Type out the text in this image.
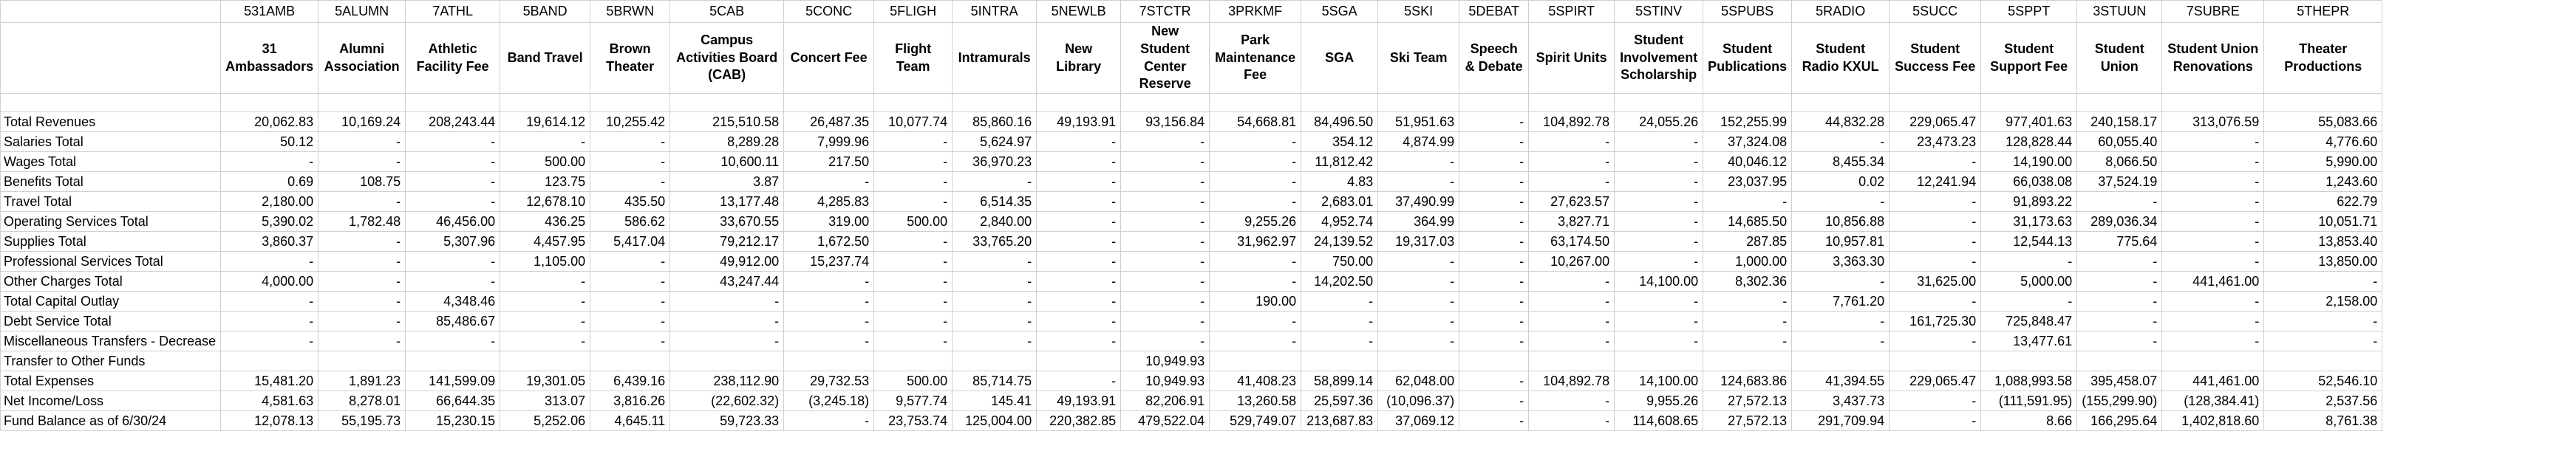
	531AMB	5ALUMN	7ATHL	5BAND	5BRWN	5CAB	5CONC	5FLIGH	5INTRA	5NEWLB	7STCTR	3PRKMF	5SGA	5SKI	5DEBAT	5SPIRT	5STINV	5SPUBS	5RADIO	5SUCC	5SPPT	3STUUN	7SUBRE	5THEPR
	31 Ambassadors	Alumni Association	Athletic Facility Fee	Band Travel	Brown Theater	Campus Activities Board (CAB)	Concert Fee	Flight Team	Intramurals	New Library	New Student Center Reserve	Park Maintenance Fee	SGA	Ski Team	Speech & Debate	Spirit Units	Student Involvement Scholarship	Student Publications	Student Radio KXUL	Student Success Fee	Student Support Fee	Student Union	Student Union Renovations	Theater Productions

Total Revenues	20,062.83	10,169.24	208,243.44	19,614.12	10,255.42	215,510.58	26,487.35	10,077.74	85,860.16	49,193.91	93,156.84	54,668.81	84,496.50	51,951.63	-	104,892.78	24,055.26	152,255.99	44,832.28	229,065.47	977,401.63	240,158.17	313,076.59	55,083.66
Salaries Total	50.12	-	-	-	-	8,289.28	7,999.96	-	5,624.97	-	-	-	354.12	4,874.99	-	-	-	37,324.08	-	23,473.23	128,828.44	60,055.40	-	4,776.60
Wages Total	-	-	-	500.00	-	10,600.11	217.50	-	36,970.23	-	-	-	11,812.42	-	-	-	-	40,046.12	8,455.34	-	14,190.00	8,066.50	-	5,990.00
Benefits Total	0.69	108.75	-	123.75	-	3.87	-	-	-	-	-	-	4.83	-	-	-	-	23,037.95	0.02	12,241.94	66,038.08	37,524.19	-	1,243.60
Travel Total	2,180.00	-	-	12,678.10	435.50	13,177.48	4,285.83	-	6,514.35	-	-	-	2,683.01	37,490.99	-	27,623.57	-	-	-	-	91,893.22	-	-	622.79
Operating Services Total	5,390.02	1,782.48	46,456.00	436.25	586.62	33,670.55	319.00	500.00	2,840.00	-	-	9,255.26	4,952.74	364.99	-	3,827.71	-	14,685.50	10,856.88	-	31,173.63	289,036.34	-	10,051.71
Supplies Total	3,860.37	-	5,307.96	4,457.95	5,417.04	79,212.17	1,672.50	-	33,765.20	-	-	31,962.97	24,139.52	19,317.03	-	63,174.50	-	287.85	10,957.81	-	12,544.13	775.64	-	13,853.40
Professional Services Total	-	-	-	1,105.00	-	49,912.00	15,237.74	-	-	-	-	-	750.00	-	-	10,267.00	-	1,000.00	3,363.30	-	-	-	-	13,850.00
Other Charges Total	4,000.00	-	-	-	-	43,247.44	-	-	-	-	-	-	14,202.50	-	-	-	14,100.00	8,302.36	-	31,625.00	5,000.00	-	441,461.00	-
Total Capital Outlay	-	-	4,348.46	-	-	-	-	-	-	-	-	190.00	-	-	-	-	-	-	7,761.20	-	-	-	-	2,158.00
Debt Service Total	-	-	85,486.67	-	-	-	-	-	-	-	-	-	-	-	-	-	-	-	-	161,725.30	725,848.47	-	-	-
Miscellaneous Transfers - Decrease	-	-	-	-	-	-	-	-	-	-	-	-	-	-	-	-	-	-	-	-	13,477.61	-	-	-
Transfer to Other Funds											10,949.93													
Total Expenses	15,481.20	1,891.23	141,599.09	19,301.05	6,439.16	238,112.90	29,732.53	500.00	85,714.75	-	10,949.93	41,408.23	58,899.14	62,048.00	-	104,892.78	14,100.00	124,683.86	41,394.55	229,065.47	1,088,993.58	395,458.07	441,461.00	52,546.10
Net Income/Loss	4,581.63	8,278.01	66,644.35	313.07	3,816.26	(22,602.32)	(3,245.18)	9,577.74	145.41	49,193.91	82,206.91	13,260.58	25,597.36	(10,096.37)	-	-	9,955.26	27,572.13	3,437.73	-	(111,591.95)	(155,299.90)	(128,384.41)	2,537.56
Fund Balance as of 6/30/24	12,078.13	55,195.73	15,230.15	5,252.06	4,645.11	59,723.33	-	23,753.74	125,004.00	220,382.85	479,522.04	529,749.07	213,687.83	37,069.12	-	-	114,608.65	27,572.13	291,709.94	-	8.66	166,295.64	1,402,818.60	8,761.38
